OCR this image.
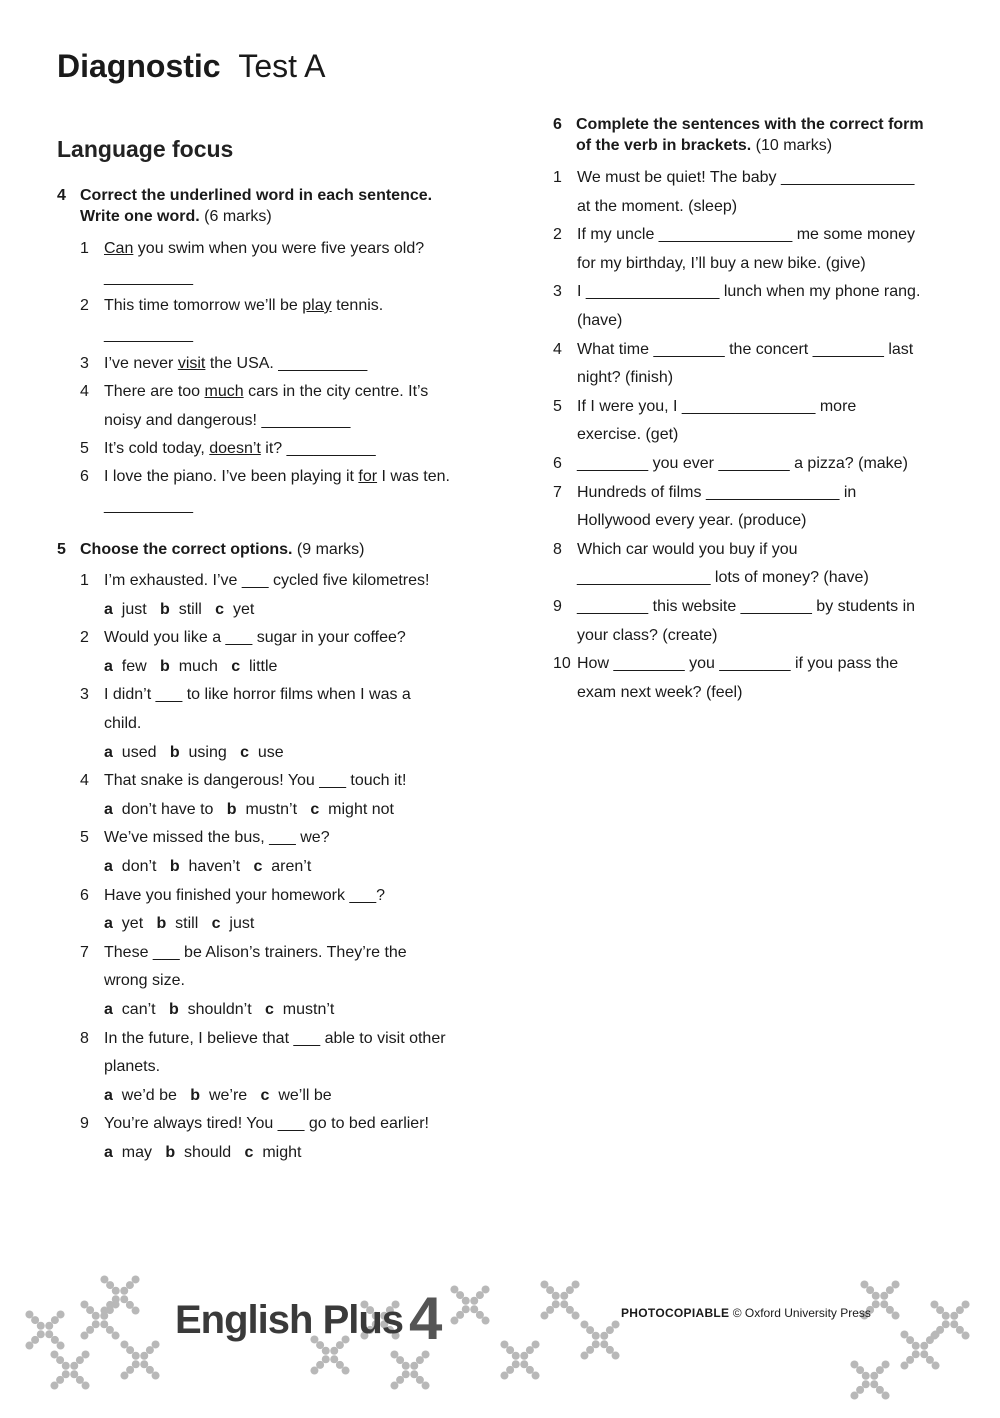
Diagnostic Test A
Language focus
4 Correct the underlined word in each sentence.
Write one word. (6 marks)
5 Choose the correct options. (9 marks)
6 Complete the sentences with the correct form
of the verb in brackets. (10 marks)
English Plus 4	PHOTOCOPIABLE © Oxford University Press
1 Can you swim when you were five years old?
__________
2 This time tomorrow we’ll be play tennis.
__________
3 I’ve never visit the USA. __________
4 There are too much cars in the city centre. It’s
noisy and dangerous! __________
5 It’s cold today, doesn’t it? __________
6 I love the piano. I’ve been playing it for I was ten.
__________
1 I’m exhausted. I’ve ___ cycled five kilometres!
a just b still c yet
2 Would you like a ___ sugar in your coffee?
a few b much c little
3 I didn’t ___ to like horror films when I was a
child.
a used b using c use
4 That snake is dangerous! You ___ touch it!
a don’t have to b mustn’t c might not
5 We’ve missed the bus, ___ we?
a don’t b haven’t c aren’t
6 Have you finished your homework ___?
a yet b still c just
7 These ___ be Alison’s trainers. They’re the
wrong size.
a can’t b shouldn’t c mustn’t
8 In the future, I believe that ___ able to visit other
planets.
a we’d be b we’re c we’ll be
9 You’re always tired! You ___ go to bed earlier!
a may b should c might
1 We must be quiet! The baby _______________
at the moment. (sleep)
2 If my uncle _______________ me some money
for my birthday, I’ll buy a new bike. (give)
3 I _______________ lunch when my phone rang.
(have)
4 What time ________ the concert ________ last
night? (finish)
5 If I were you, I _______________ more
exercise. (get)
6 ________ you ever ________ a pizza? (make)
7 Hundreds of films _______________ in
Hollywood every year. (produce)
8 Which car would you buy if you
_______________ lots of money? (have)
9 ________ this website ________ by students in
your class? (create)
10 How ________ you ________ if you pass the
exam next week? (feel)
